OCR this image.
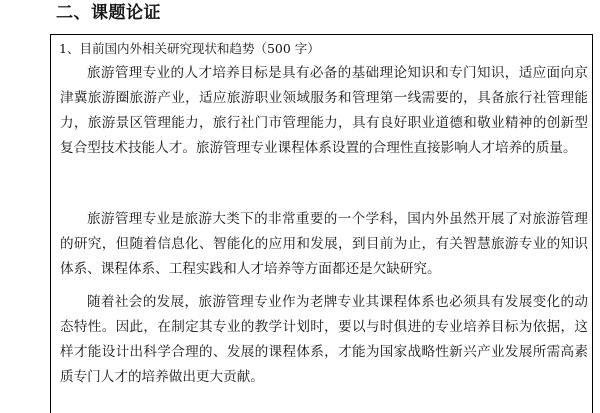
二、课题论证
1、目前国内外相关研究现状和趋势（500 字）

旅游管理专业的人才培养目标是具有必备的基础理论知识和专门知识，适应面向京津冀旅游圈旅游产业，适应旅游职业领域服务和管理第一线需要的，具备旅行社管理能力，旅游景区管理能力，旅行社门市管理能力，具有良好职业道德和敬业精神的创新型复合型技术技能人才。旅游管理专业课程体系设置的合理性直接影响人才培养的质量。

旅游管理专业是旅游大类下的非常重要的一个学科，国内外虽然开展了对旅游管理的研究，但随着信息化、智能化的应用和发展，到目前为止，有关智慧旅游专业的知识体系、课程体系、工程实践和人才培养等方面都还是欠缺研究。

随着社会的发展，旅游管理专业作为老牌专业其课程体系也必须具有发展变化的动态特性。因此，在制定其专业的教学计划时，要以与时俱进的专业培养目标为依据，这样才能设计出科学合理的、发展的课程体系，才能为国家战略性新兴产业发展所需高素质专门人才的培养做出更大贡献。
